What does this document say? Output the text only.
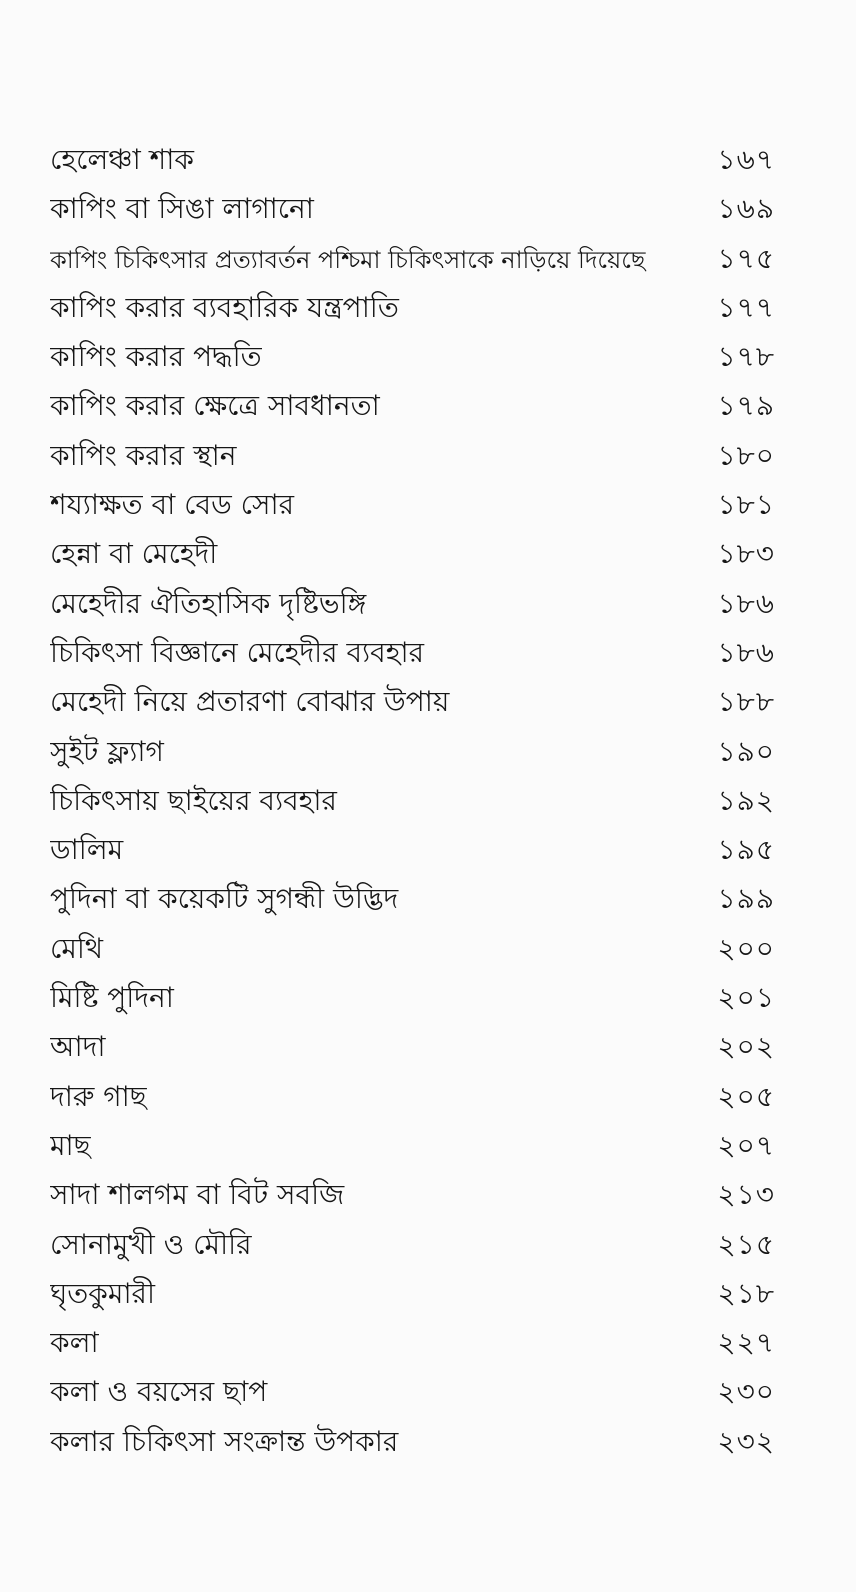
হেলেঞ্চা শাক	১৬৭
কাপিং বা সিঙা লাগানো	১৬৯
কাপিং চিকিৎসার প্রত্যাবর্তন পশ্চিমা চিকিৎসাকে নাড়িয়ে দিয়েছে	১৭৫
কাপিং করার ব্যবহারিক যন্ত্রপাতি	১৭৭
কাপিং করার পদ্ধতি	১৭৮
কাপিং করার ক্ষেত্রে সাবধানতা	১৭৯
কাপিং করার স্থান	১৮০
শয্যাক্ষত বা বেড সোর	১৮১
হেন্না বা মেহেদী	১৮৩
মেহেদীর ঐতিহাসিক দৃষ্টিভঙ্গি	১৮৬
চিকিৎসা বিজ্ঞানে মেহেদীর ব্যবহার	১৮৬
মেহেদী নিয়ে প্রতারণা বোঝার উপায়	১৮৮
সুইট ফ্ল্যাগ	১৯০
চিকিৎসায় ছাইয়ের ব্যবহার	১৯২
ডালিম	১৯৫
পুদিনা বা কয়েকটি সুগন্ধী উদ্ভিদ	১৯৯
মেথি	২০০
মিষ্টি পুদিনা	২০১
আদা	২০২
দারু গাছ	২০৫
মাছ	২০৭
সাদা শালগম বা বিট সবজি	২১৩
সোনামুখী ও মৌরি	২১৫
ঘৃতকুমারী	২১৮
কলা	২২৭
কলা ও বয়সের ছাপ	২৩০
কলার চিকিৎসা সংক্রান্ত উপকার	২৩২
